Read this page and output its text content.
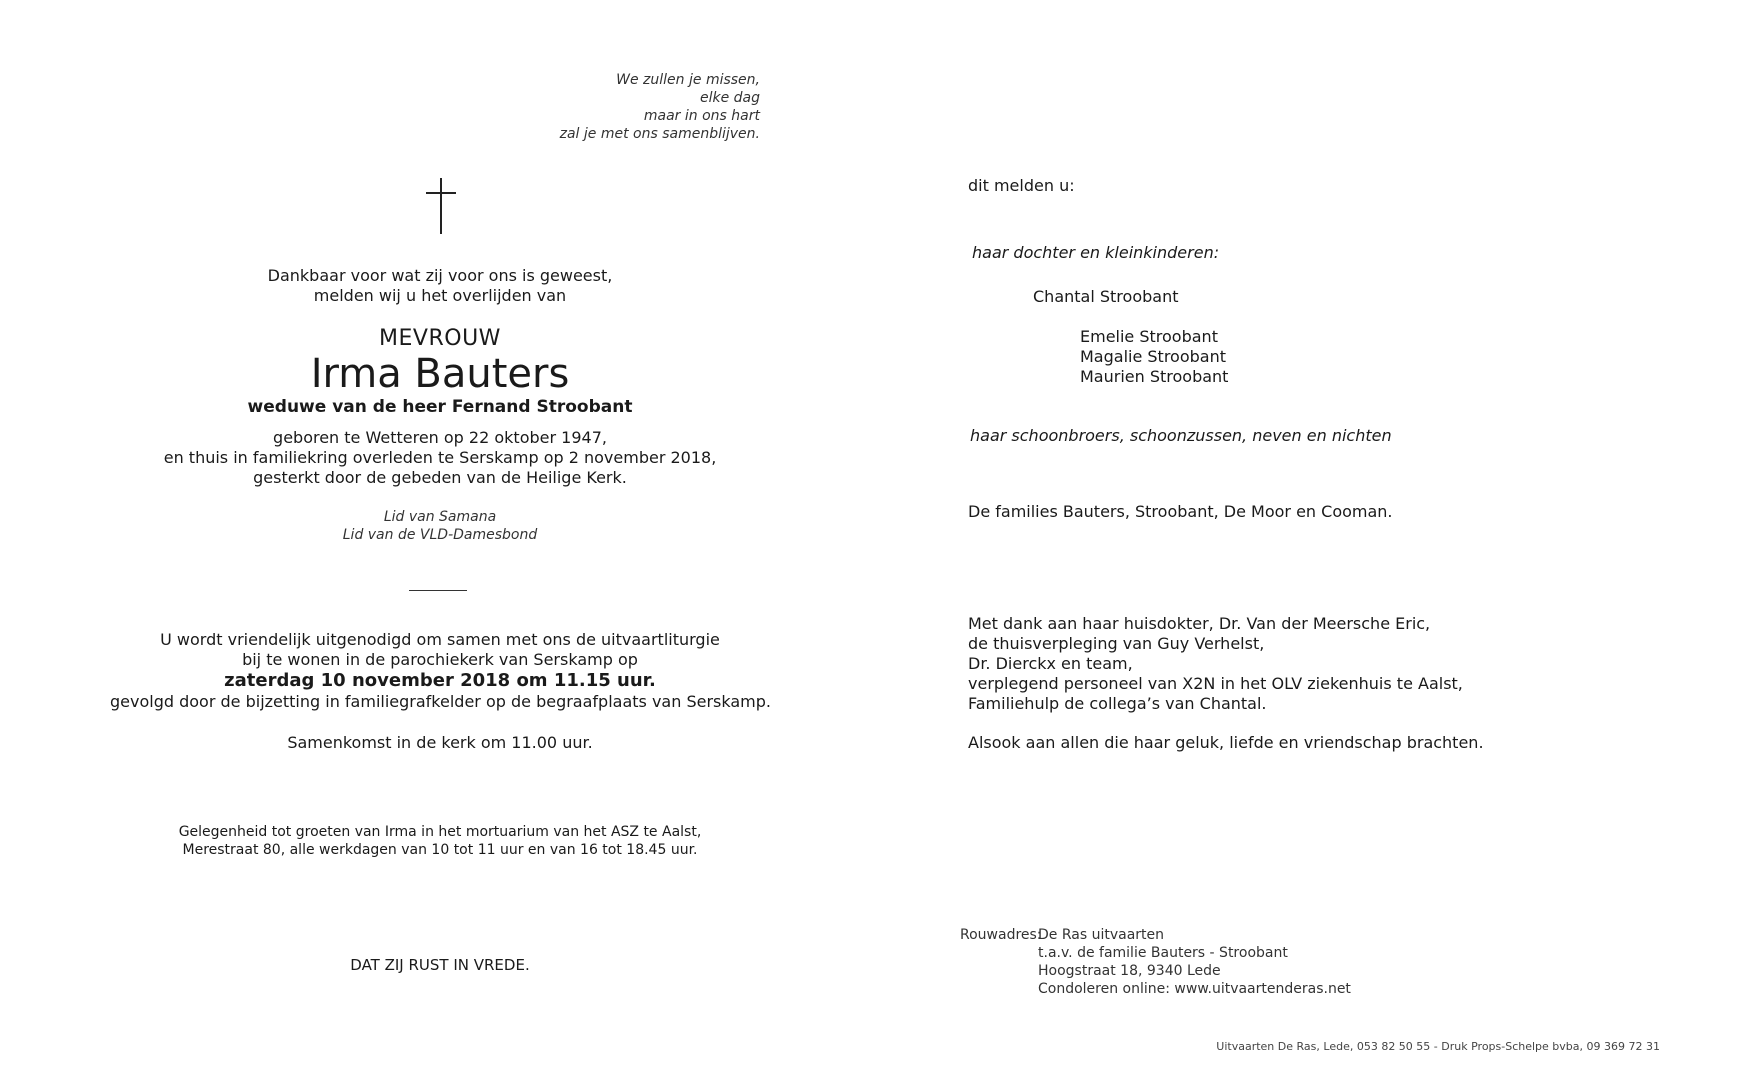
We zullen je missen,
elke dag
maar in ons hart
zal je met ons samenblijven.
Dankbaar voor wat zij voor ons is geweest,
melden wij u het overlijden van
MEVROUW
Irma Bauters
weduwe van de heer Fernand Stroobant
geboren te Wetteren op 22 oktober 1947,
en thuis in familiekring overleden te Serskamp op 2 november 2018,
gesterkt door de gebeden van de Heilige Kerk.
Lid van Samana
Lid van de VLD-Damesbond
U wordt vriendelijk uitgenodigd om samen met ons de uitvaartliturgie
bij te wonen in de parochiekerk van Serskamp op
zaterdag 10 november 2018 om 11.15 uur.
gevolgd door de bijzetting in familiegrafkelder op de begraafplaats van Serskamp.
Samenkomst in de kerk om 11.00 uur.
Gelegenheid tot groeten van Irma in het mortuarium van het ASZ te Aalst,
Merestraat 80, alle werkdagen van 10 tot 11 uur en van 16 tot 18.45 uur.
DAT ZIJ RUST IN VREDE.
dit melden u:
haar dochter en kleinkinderen:
Chantal Stroobant
Emelie Stroobant
Magalie Stroobant
Maurien Stroobant
haar schoonbroers, schoonzussen, neven en nichten
De families Bauters, Stroobant, De Moor en Cooman.
Met dank aan haar huisdokter, Dr. Van der Meersche Eric,
de thuisverpleging van Guy Verhelst,
Dr. Dierckx en team,
verplegend personeel van X2N in het OLV ziekenhuis te Aalst,
Familiehulp de collega’s van Chantal.
Alsook aan allen die haar geluk, liefde en vriendschap brachten.
Rouwadres:
De Ras uitvaarten
t.a.v. de familie Bauters - Stroobant
Hoogstraat 18, 9340 Lede
Condoleren online: www.uitvaartenderas.net
Uitvaarten De Ras, Lede, 053 82 50 55 - Druk Props-Schelpe bvba, 09 369 72 31
